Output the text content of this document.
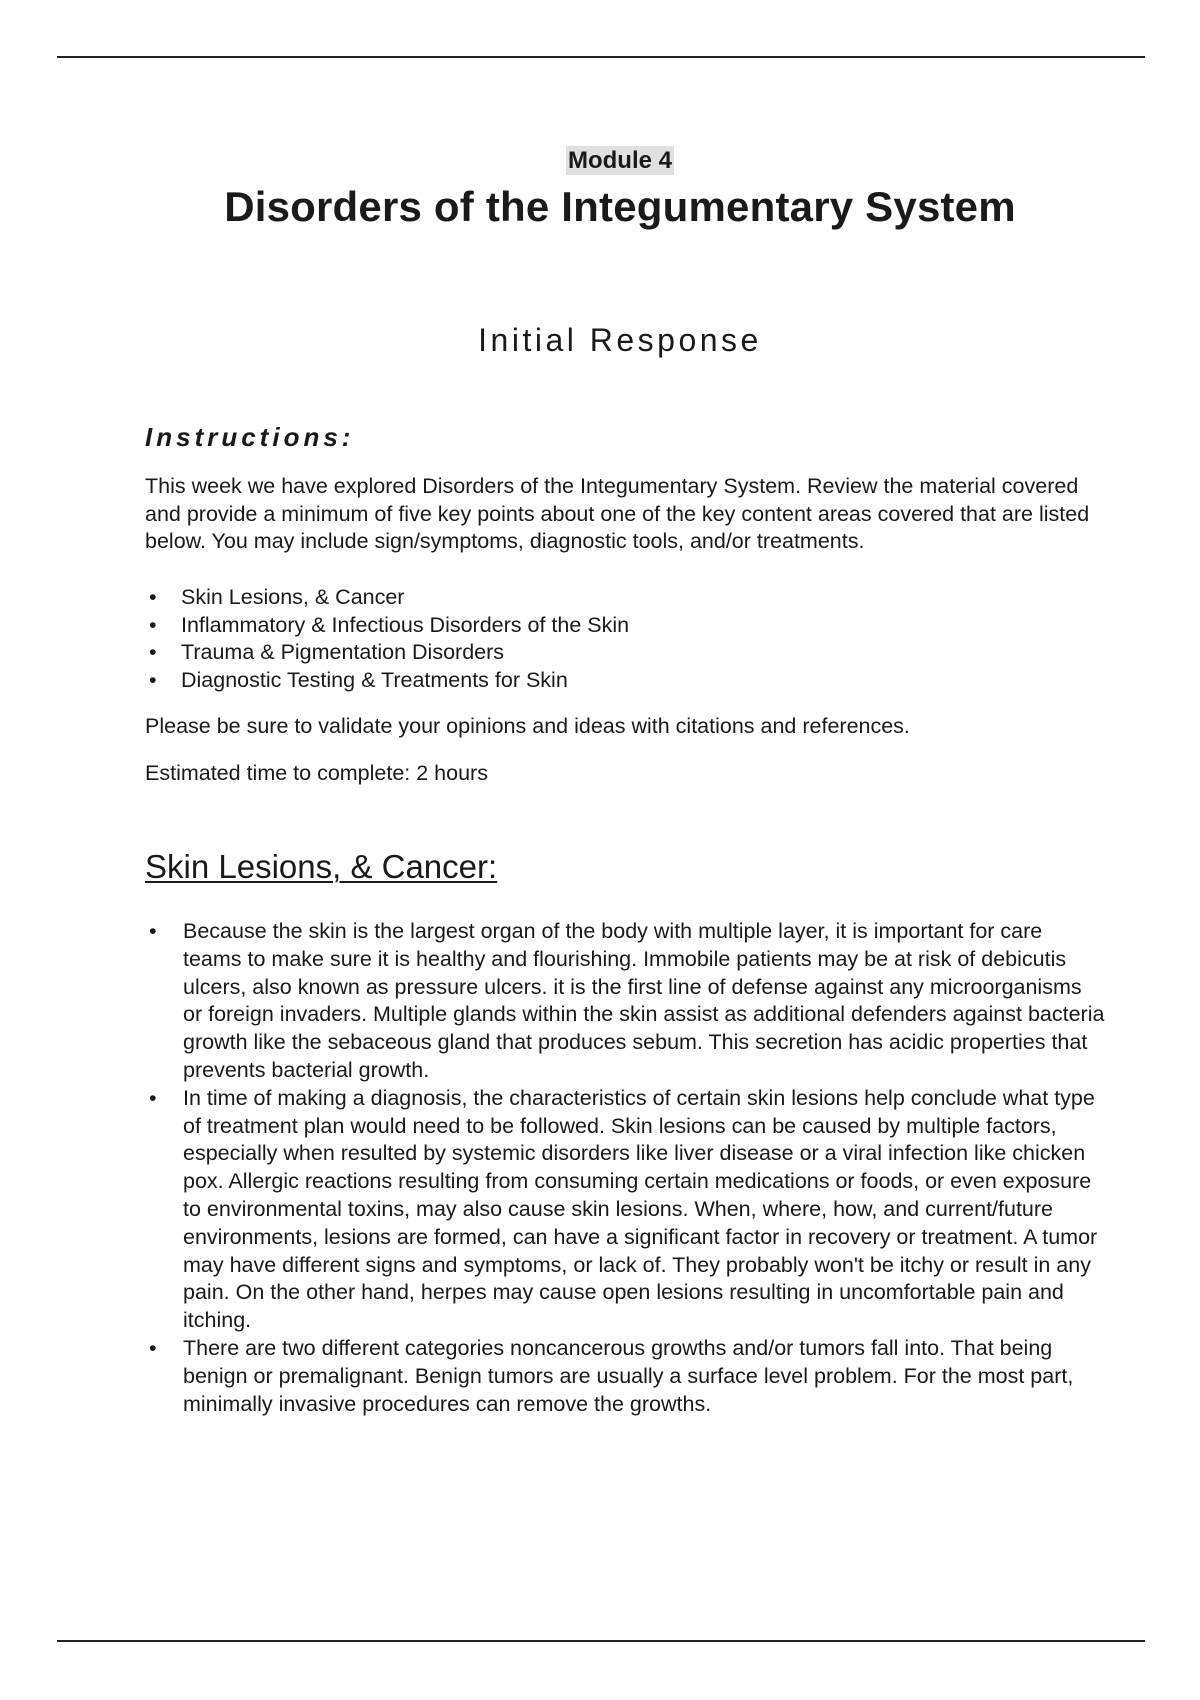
Module 4
Disorders of the Integumentary System
Initial Response
Instructions:

This week we have explored Disorders of the Integumentary System. Review the material covered and provide a minimum of five key points about one of the key content areas covered that are listed below. You may include sign/symptoms, diagnostic tools, and/or treatments.

• Skin Lesions, & Cancer
• Inflammatory & Infectious Disorders of the Skin
• Trauma & Pigmentation Disorders
• Diagnostic Testing & Treatments for Skin

Please be sure to validate your opinions and ideas with citations and references.

Estimated time to complete: 2 hours

Skin Lesions, & Cancer:
• Because the skin is the largest organ of the body with multiple layer, it is important for care teams to make sure it is healthy and flourishing. Immobile patients may be at risk of debicutis ulcers, also known as pressure ulcers. it is the first line of defense against any microorganisms or foreign invaders. Multiple glands within the skin assist as additional defenders against bacteria growth like the sebaceous gland that produces sebum. This secretion has acidic properties that prevents bacterial growth.
• In time of making a diagnosis, the characteristics of certain skin lesions help conclude what type of treatment plan would need to be followed. Skin lesions can be caused by multiple factors, especially when resulted by systemic disorders like liver disease or a viral infection like chicken pox. Allergic reactions resulting from consuming certain medications or foods, or even exposure to environmental toxins, may also cause skin lesions. When, where, how, and current/future environments, lesions are formed, can have a significant factor in recovery or treatment. A tumor may have different signs and symptoms, or lack of. They probably won't be itchy or result in any pain. On the other hand, herpes may cause open lesions resulting in uncomfortable pain and itching.
• There are two different categories noncancerous growths and/or tumors fall into. That being benign or premalignant. Benign tumors are usually a surface level problem. For the most part, minimally invasive procedures can remove the growths.
